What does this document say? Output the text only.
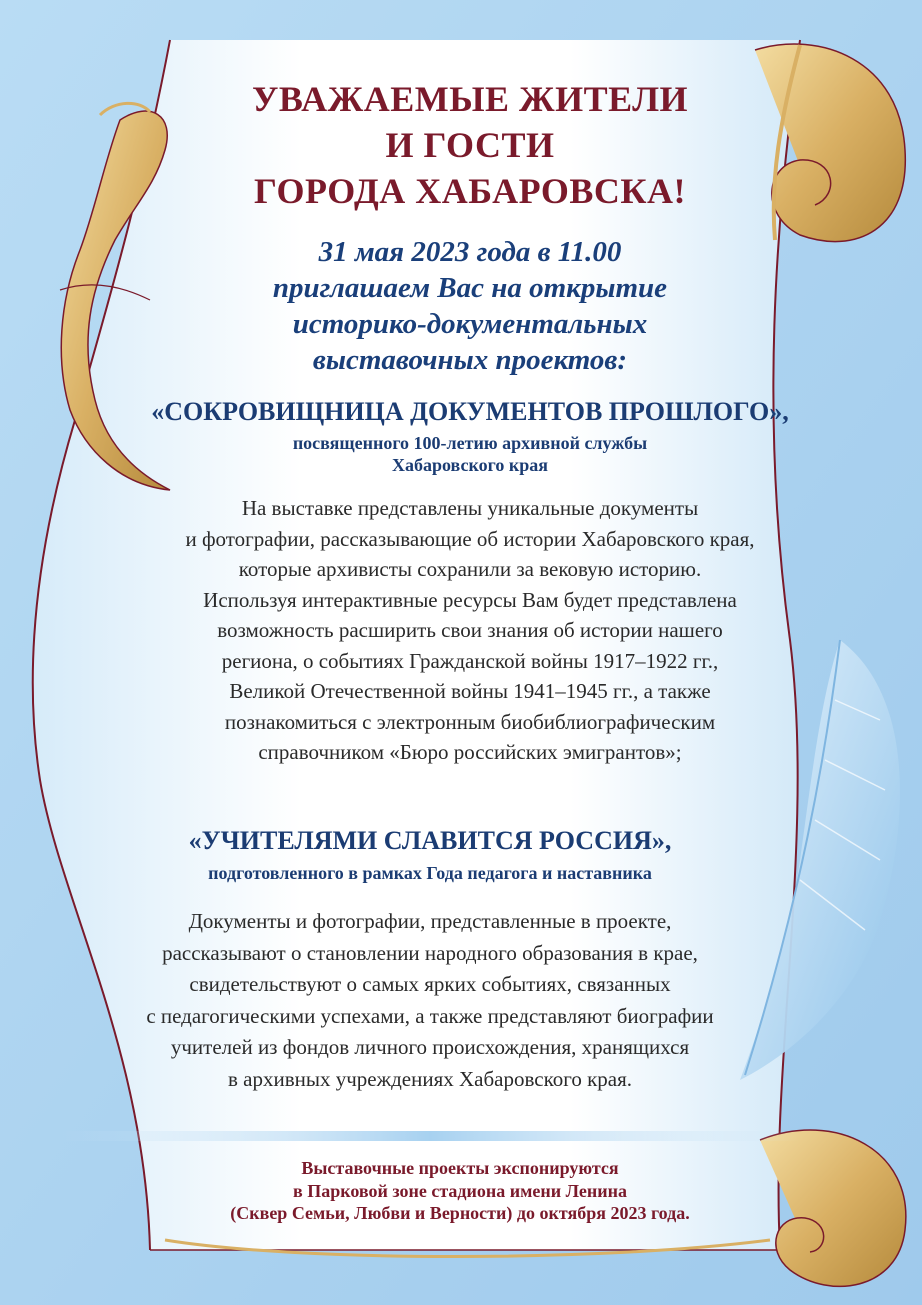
УВАЖАЕМЫЕ ЖИТЕЛИ
И ГОСТИ
ГОРОДА ХАБАРОВСКА!
31 мая 2023 года в 11.00
приглашаем Вас на открытие
историко-документальных
выставочных проектов:
«СОКРОВИЩНИЦА ДОКУМЕНТОВ ПРОШЛОГО»,
посвященного 100-летию архивной службы
Хабаровского края
На выставке представлены уникальные документы
и фотографии, рассказывающие об истории Хабаровского края,
которые архивисты сохранили за вековую историю.
Используя интерактивные ресурсы Вам будет представлена
возможность расширить свои знания об истории нашего
региона, о событиях Гражданской войны 1917–1922 гг.,
Великой Отечественной войны 1941–1945 гг., а также
познакомиться с электронным биобиблиографическим
справочником «Бюро российских эмигрантов»;
«УЧИТЕЛЯМИ СЛАВИТСЯ РОССИЯ»,
подготовленного в рамках Года педагога и наставника
Документы и фотографии, представленные в проекте,
рассказывают о становлении народного образования в крае,
свидетельствуют о самых ярких событиях, связанных
с педагогическими успехами, а также представляют биографии
учителей из фондов личного происхождения, хранящихся
в архивных учреждениях Хабаровского края.
Выставочные проекты экспонируются
в Парковой зоне стадиона имени Ленина
(Сквер Семьи, Любви и Верности) до октября 2023 года.
